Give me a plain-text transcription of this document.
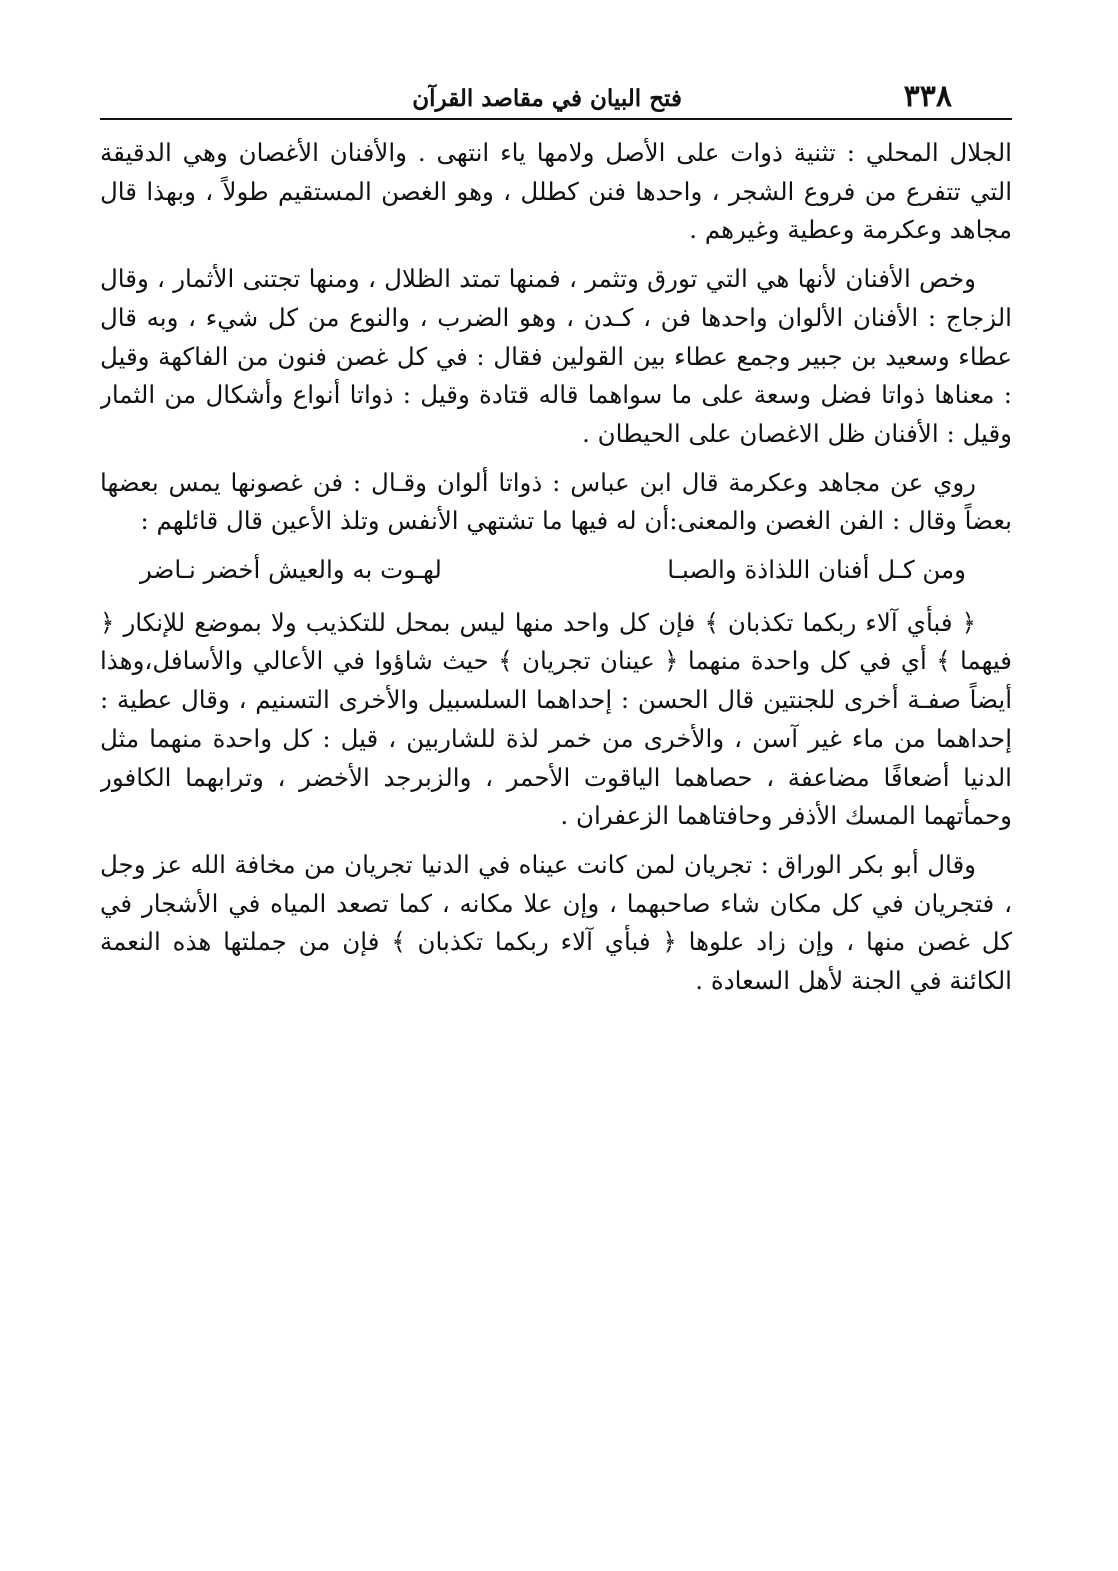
٣٣٨
فتح البيان في مقاصد القرآن

الجلال المحلي : تثنية ذوات على الأصل ولامها ياء انتهى . والأفنان الأغصان وهي الدقيقة التي تتفرع من فروع الشجر ، واحدها فنن كطلل ، وهو الغصن المستقيم طولاً ، وبهذا قال مجاهد وعكرمة وعطية وغيرهم .

وخص الأفنان لأنها هي التي تورق وتثمر ، فمنها تمتد الظلال ، ومنها تجتنى الأثمار ، وقال الزجاج : الأفنان الألوان واحدها فن ، كـدن ، وهو الضرب ، والنوع من كل شيء ، وبه قال عطاء وسعيد بن جبير وجمع عطاء بين القولين فقال : في كل غصن فنون من الفاكهة وقيل : معناها ذواتا فضل وسعة على ما سواهما قاله قتادة وقيل : ذواتا أنواع وأشكال من الثمار وقيل : الأفنان ظل الاغصان على الحيطان .

روي عن مجاهد وعكرمة قال ابن عباس : ذواتا ألوان وقـال : فن غصونها يمس بعضها بعضاً وقال : الفن الغصن والمعنى:أن له فيها ما تشتهي الأنفس وتلذ الأعين قال قائلهم :

ومن كـل أفنان اللذاذة والصبـا
لهـوت به والعيش أخضر نـاضر

﴿ فبأي آلاء ربكما تكذبان ﴾ فإن كل واحد منها ليس بمحل للتكذيب ولا بموضع للإنكار ﴿ فيهما ﴾ أي في كل واحدة منهما ﴿ عينان تجريان ﴾ حيث شاؤوا في الأعالي والأسافل،وهذا أيضاً صفـة أخرى للجنتين قال الحسن : إحداهما السلسبيل والأخرى التسنيم ، وقال عطية : إحداهما من ماء غير آسن ، والأخرى من خمر لذة للشاربين ، قيل : كل واحدة منهما مثل الدنيا أضعافًا مضاعفة ، حصاهما الياقوت الأحمر ، والزبرجد الأخضر ، وترابهما الكافور وحمأتهما المسك الأذفر وحافتاهما الزعفران .

وقال أبو بكر الوراق : تجريان لمن كانت عيناه في الدنيا تجريان من مخافة الله عز وجل ، فتجريان في كل مكان شاء صاحبهما ، وإن علا مكانه ، كما تصعد المياه في الأشجار في كل غصن منها ، وإن زاد علوها ﴿ فبأي آلاء ربكما تكذبان ﴾ فإن من جملتها هذه النعمة الكائنة في الجنة لأهل السعادة .
